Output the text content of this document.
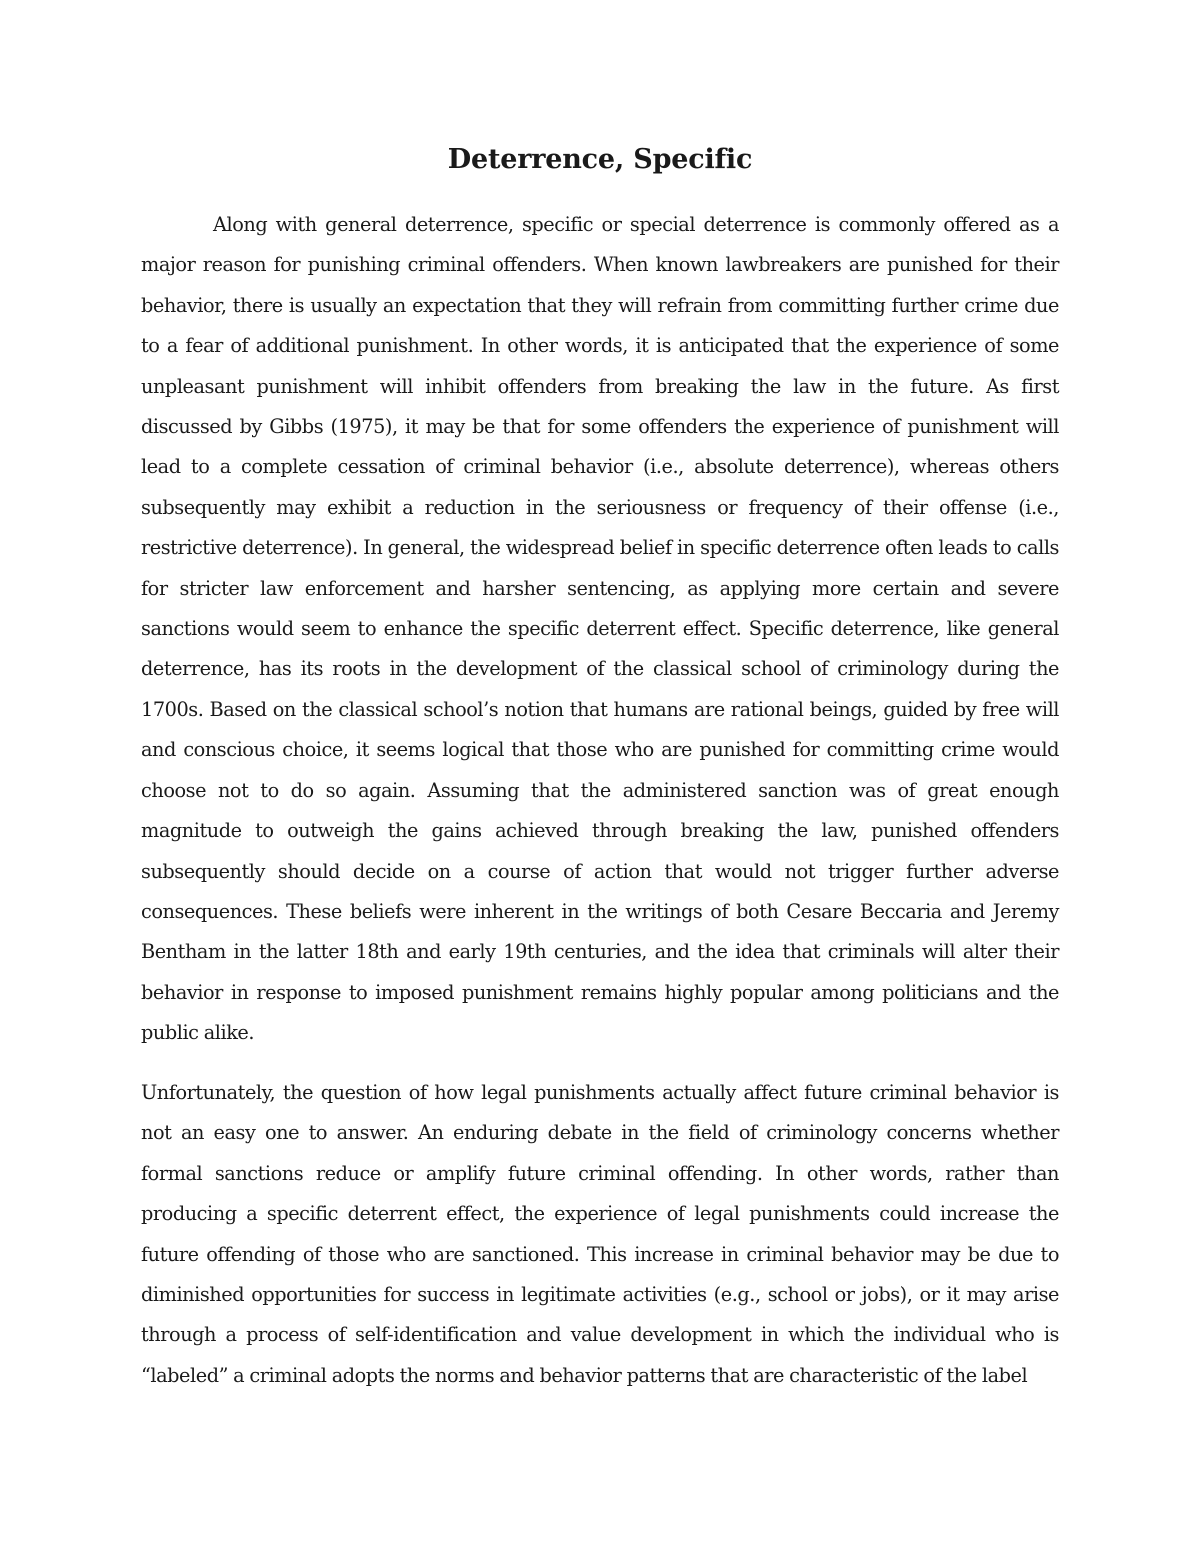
Deterrence, Specific

Along with general deterrence, specific or special deterrence is commonly offered as a major reason for punishing criminal offenders. When known lawbreakers are punished for their behavior, there is usually an expectation that they will refrain from committing further crime due to a fear of additional punishment. In other words, it is anticipated that the experience of some unpleasant punishment will inhibit offenders from breaking the law in the future. As first discussed by Gibbs (1975), it may be that for some offenders the experience of punishment will lead to a complete cessation of criminal behavior (i.e., absolute deterrence), whereas others subsequently may exhibit a reduction in the seriousness or frequency of their offense (i.e., restrictive deterrence). In general, the widespread belief in specific deterrence often leads to calls for stricter law enforcement and harsher sentencing, as applying more certain and severe sanctions would seem to enhance the specific deterrent effect. Specific deterrence, like general deterrence, has its roots in the development of the classical school of criminology during the 1700s. Based on the classical school’s notion that humans are rational beings, guided by free will and conscious choice, it seems logical that those who are punished for committing crime would choose not to do so again. Assuming that the administered sanction was of great enough magnitude to outweigh the gains achieved through breaking the law, punished offenders subsequently should decide on a course of action that would not trigger further adverse consequences. These beliefs were inherent in the writings of both Cesare Beccaria and Jeremy Bentham in the latter 18th and early 19th centuries, and the idea that criminals will alter their behavior in response to imposed punishment remains highly popular among politicians and the public alike.

Unfortunately, the question of how legal punishments actually affect future criminal behavior is not an easy one to answer. An enduring debate in the field of criminology concerns whether formal sanctions reduce or amplify future criminal offending. In other words, rather than producing a specific deterrent effect, the experience of legal punishments could increase the future offending of those who are sanctioned. This increase in criminal behavior may be due to diminished opportunities for success in legitimate activities (e.g., school or jobs), or it may arise through a process of self-identification and value development in which the individual who is “labeled” a criminal adopts the norms and behavior patterns that are characteristic of the label
